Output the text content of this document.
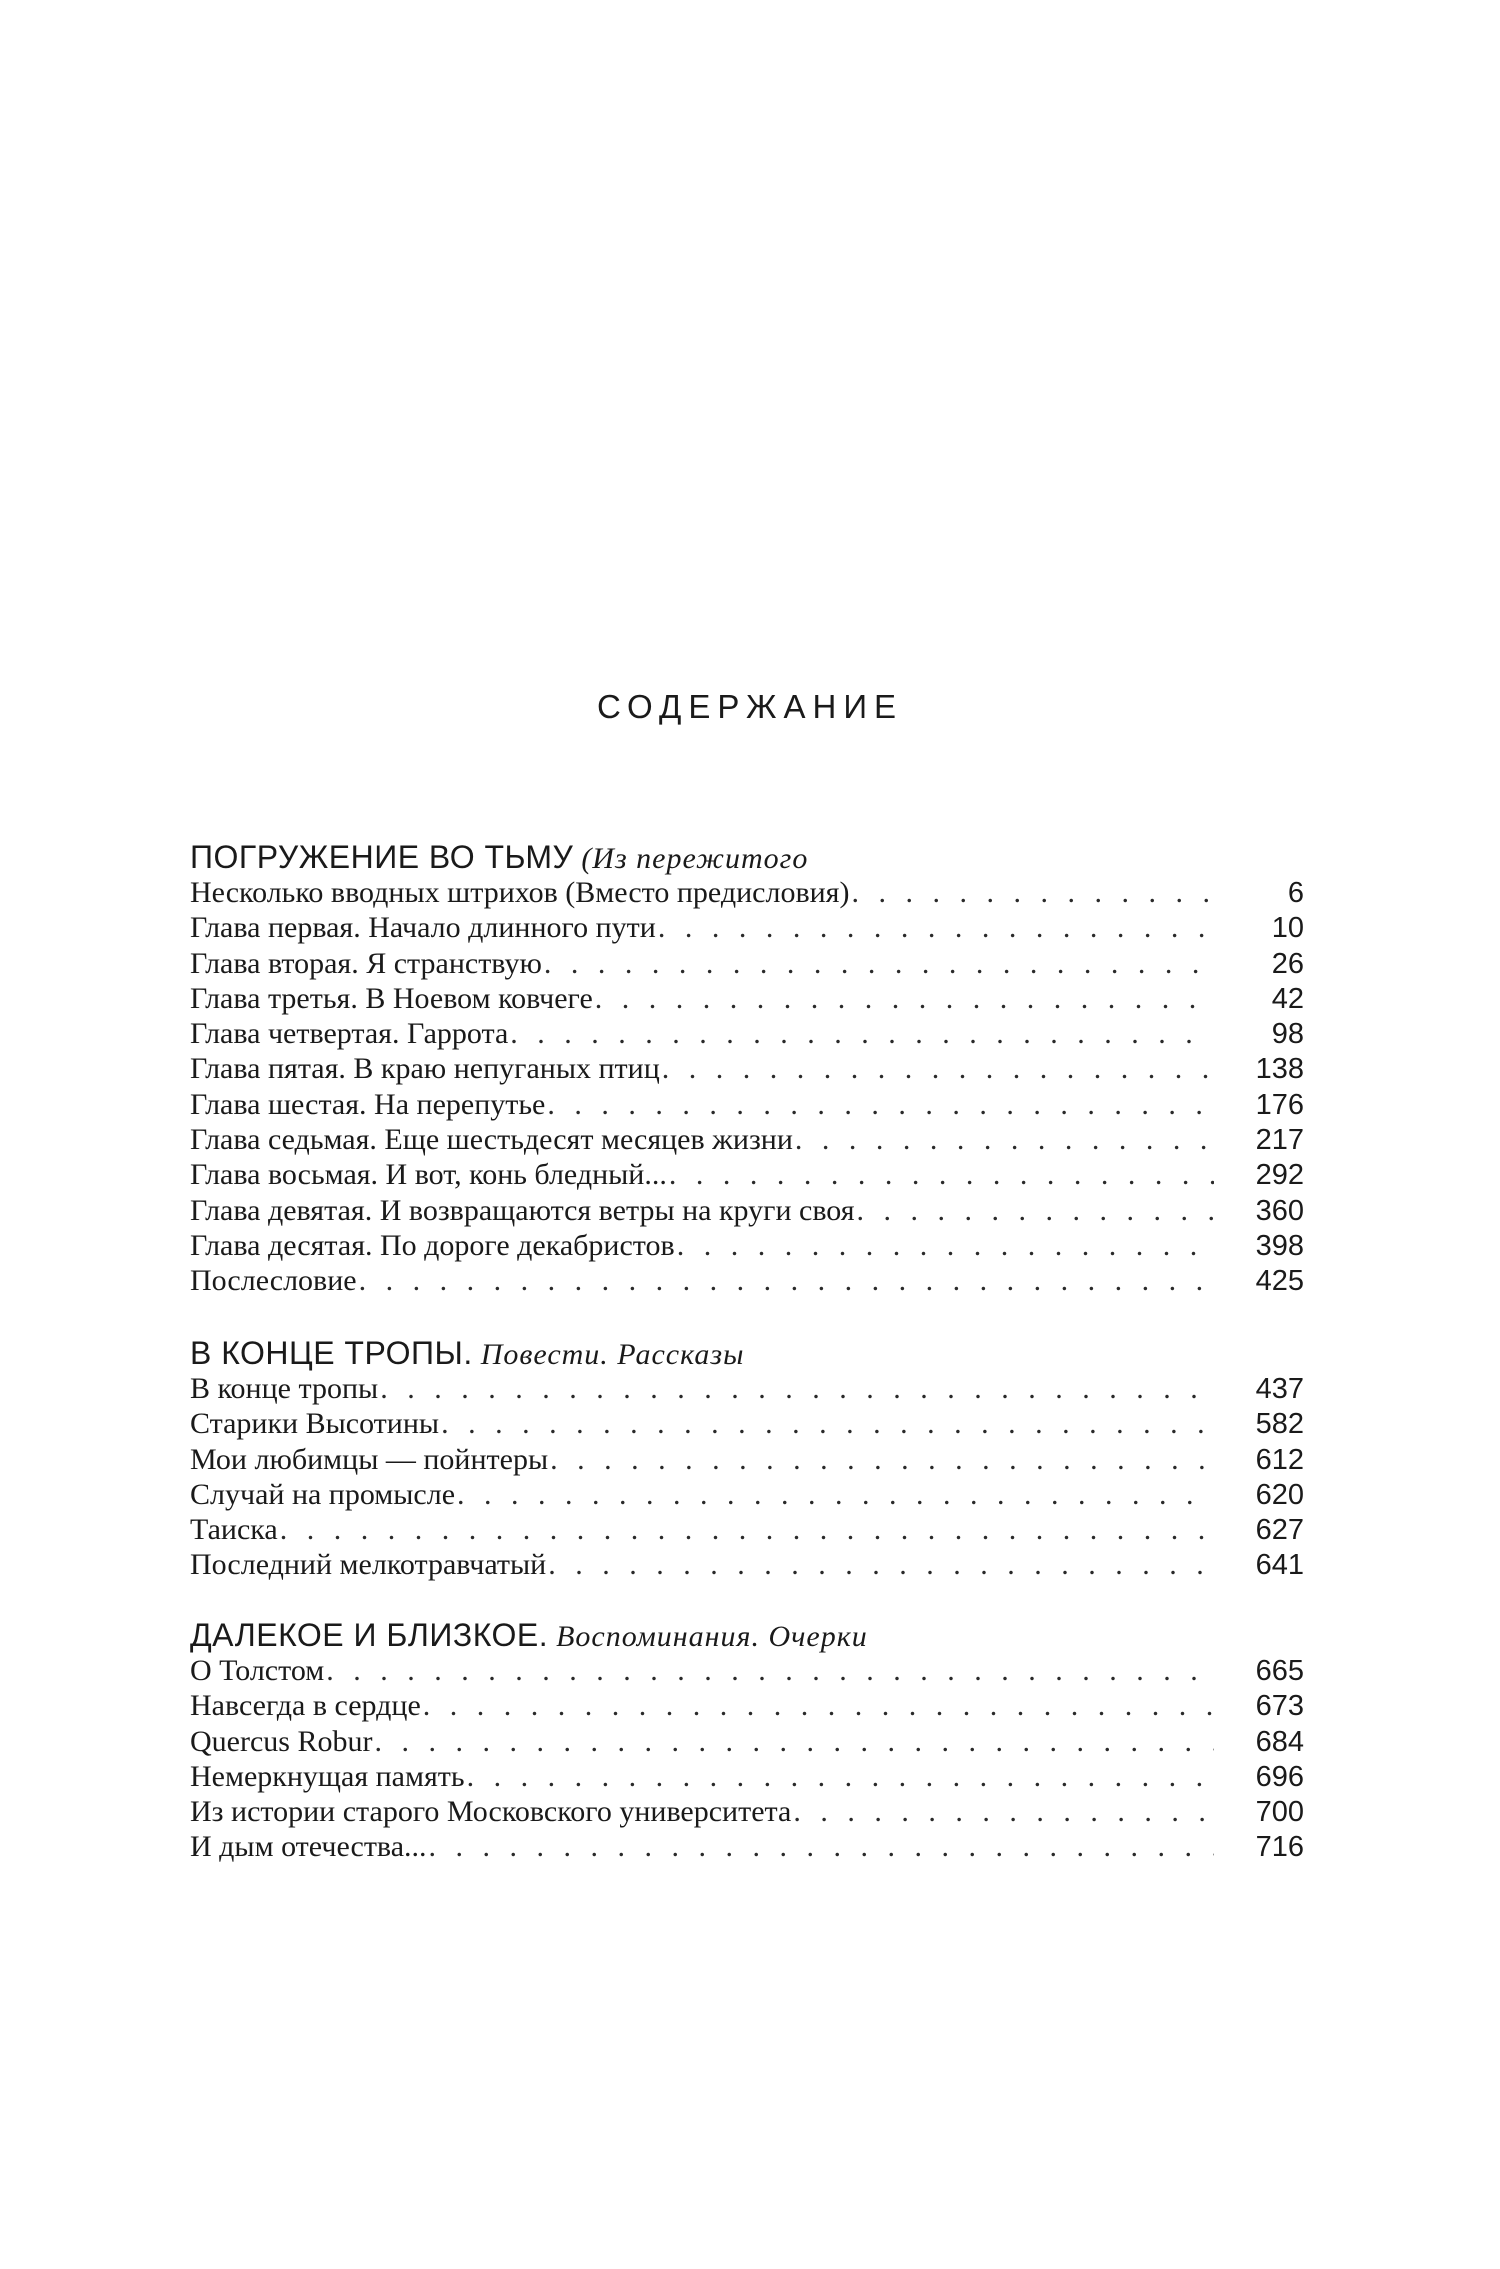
СОДЕРЖАНИЕ
ПОГРУЖЕНИЕ ВО ТЬМУ (Из пережитого
Несколько вводных штрихов (Вместо предисловия) . . .	6
Глава первая. Начало длинного пути . . .	10
Глава вторая. Я странствую . . .	26
Глава третья. В Ноевом ковчеге . . .	42
Глава четвертая. Гаррота . . .	98
Глава пятая. В краю непуганых птиц . . .	138
Глава шестая. На перепутье . . .	176
Глава седьмая. Еще шестьдесят месяцев жизни . . .	217
Глава восьмая. И вот, конь бледный... . . .	292
Глава девятая. И возвращаются ветры на круги своя . . .	360
Глава десятая. По дороге декабристов . . .	398
Послесловие . . .	425
В КОНЦЕ ТРОПЫ. Повести. Рассказы
В конце тропы . . .	437
Старики Высотины . . .	582
Мои любимцы — пойнтеры . . .	612
Случай на промысле . . .	620
Таиска . . .	627
Последний мелкотравчатый . . .	641
ДАЛЕКОЕ И БЛИЗКОЕ. Воспоминания. Очерки
О Толстом . . .	665
Навсегда в сердце . . .	673
Quercus Robur . . .	684
Немеркнущая память . . .	696
Из истории старого Московского университета . . .	700
И дым отечества... . . .	716
